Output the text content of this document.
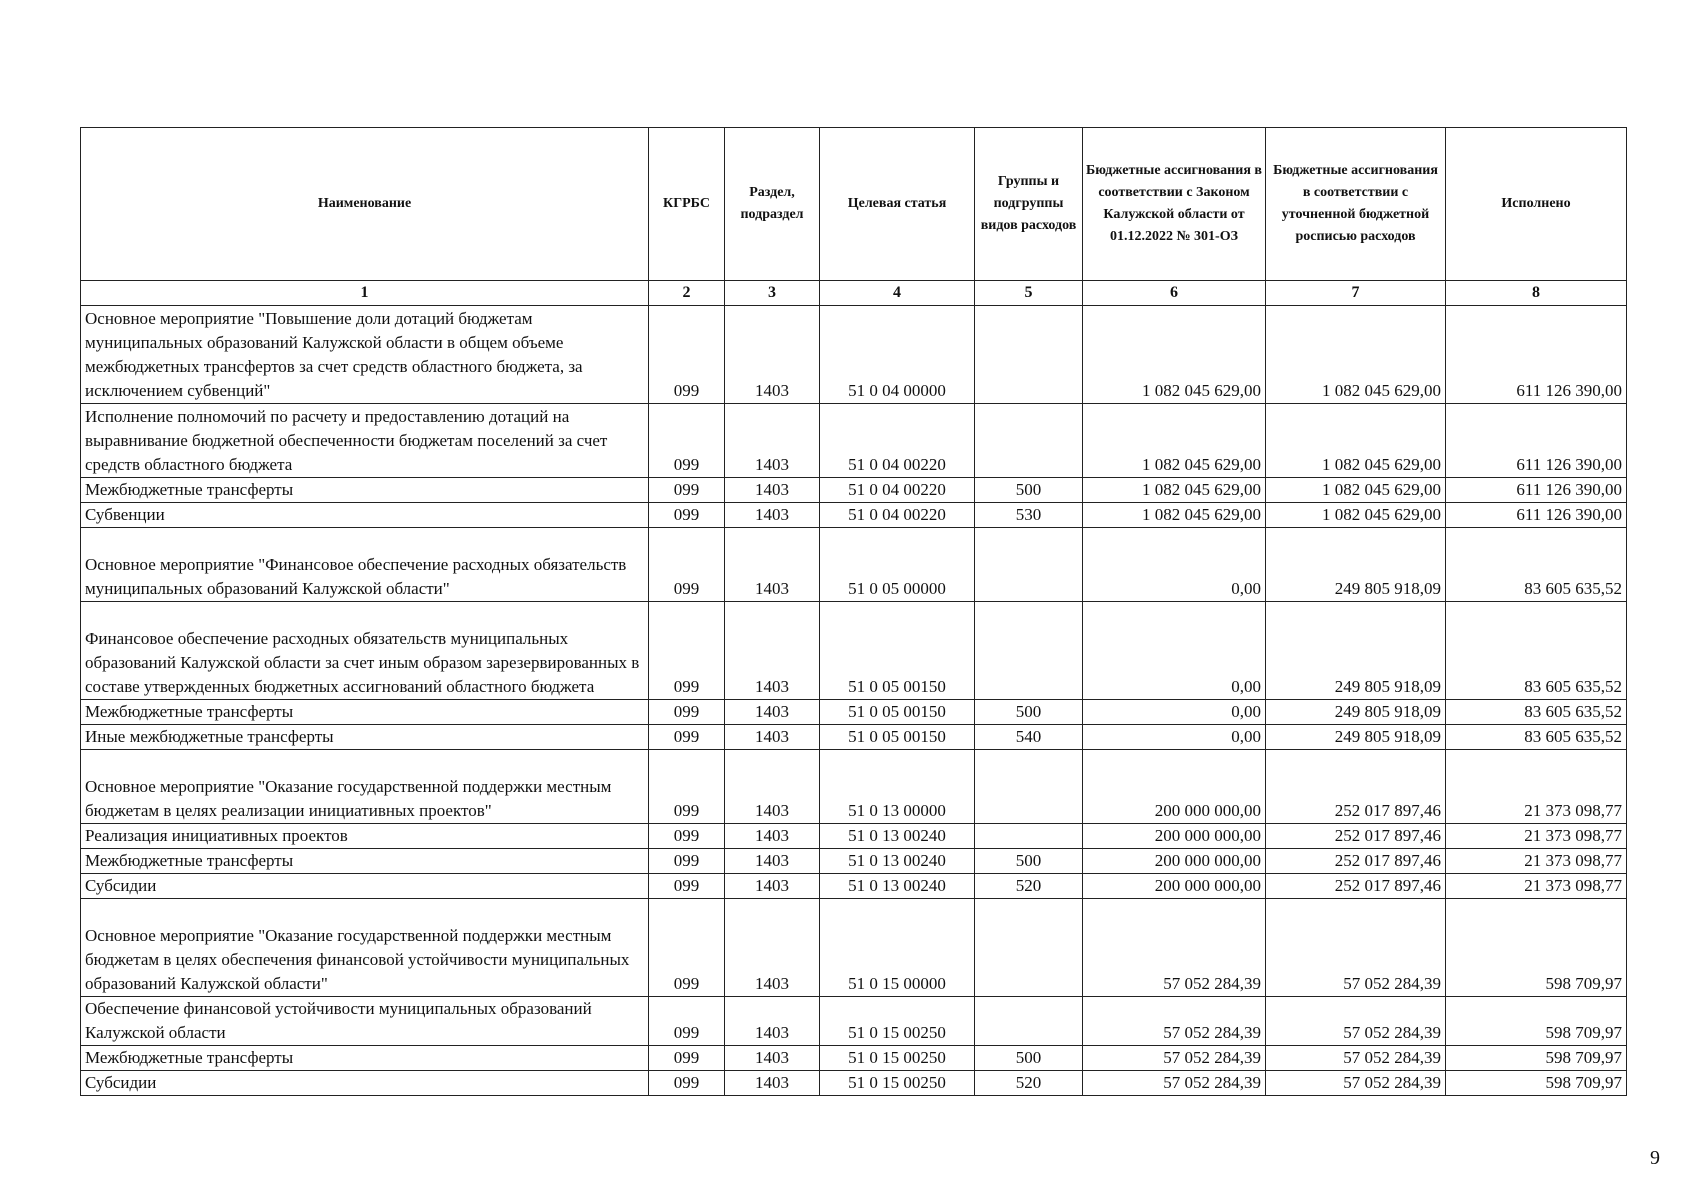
Наименование	КГРБС	Раздел, подраздел	Целевая статья	Группы и подгруппы видов расходов	Бюджетные ассигнования в соответствии с Законом Калужской области от 01.12.2022 № 301-ОЗ	Бюджетные ассигнования в соответствии с уточненной бюджетной росписью расходов	Исполнено
1	2	3	4	5	6	7	8
Основное мероприятие "Повышение доли дотаций бюджетам муниципальных образований Калужской области в общем объеме межбюджетных трансфертов за счет средств областного бюджета, за исключением субвенций"	099	1403	51 0 04 00000		1 082 045 629,00	1 082 045 629,00	611 126 390,00
Исполнение полномочий по расчету и предоставлению дотаций на выравнивание бюджетной обеспеченности бюджетам поселений за счет средств областного бюджета	099	1403	51 0 04 00220		1 082 045 629,00	1 082 045 629,00	611 126 390,00
Межбюджетные трансферты	099	1403	51 0 04 00220	500	1 082 045 629,00	1 082 045 629,00	611 126 390,00
Субвенции	099	1403	51 0 04 00220	530	1 082 045 629,00	1 082 045 629,00	611 126 390,00
Основное мероприятие "Финансовое обеспечение расходных обязательств муниципальных образований Калужской области"	099	1403	51 0 05 00000		0,00	249 805 918,09	83 605 635,52
Финансовое обеспечение расходных обязательств муниципальных образований Калужской области за счет иным образом зарезервированных в составе утвержденных бюджетных ассигнований областного бюджета	099	1403	51 0 05 00150		0,00	249 805 918,09	83 605 635,52
Межбюджетные трансферты	099	1403	51 0 05 00150	500	0,00	249 805 918,09	83 605 635,52
Иные межбюджетные трансферты	099	1403	51 0 05 00150	540	0,00	249 805 918,09	83 605 635,52
Основное мероприятие "Оказание государственной поддержки местным бюджетам в целях реализации инициативных проектов"	099	1403	51 0 13 00000		200 000 000,00	252 017 897,46	21 373 098,77
Реализация инициативных проектов	099	1403	51 0 13 00240		200 000 000,00	252 017 897,46	21 373 098,77
Межбюджетные трансферты	099	1403	51 0 13 00240	500	200 000 000,00	252 017 897,46	21 373 098,77
Субсидии	099	1403	51 0 13 00240	520	200 000 000,00	252 017 897,46	21 373 098,77
Основное мероприятие "Оказание государственной поддержки местным бюджетам в целях обеспечения финансовой устойчивости муниципальных образований Калужской области"	099	1403	51 0 15 00000		57 052 284,39	57 052 284,39	598 709,97
Обеспечение финансовой устойчивости муниципальных образований Калужской области	099	1403	51 0 15 00250		57 052 284,39	57 052 284,39	598 709,97
Межбюджетные трансферты	099	1403	51 0 15 00250	500	57 052 284,39	57 052 284,39	598 709,97
Субсидии	099	1403	51 0 15 00250	520	57 052 284,39	57 052 284,39	598 709,97
9
